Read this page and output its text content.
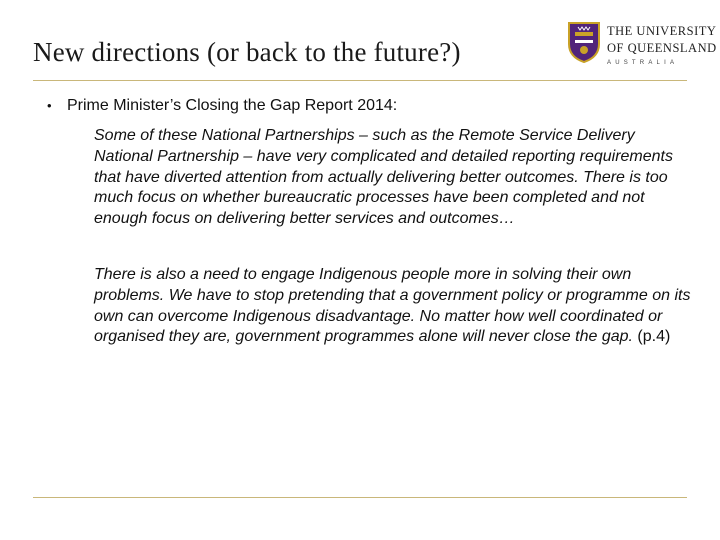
New directions (or back to the future?)
THE UNIVERSITY
OF QUEENSLAND
AUSTRALIA
• Prime Minister’s Closing the Gap Report 2014:

Some of these National Partnerships – such as the Remote Service Delivery National Partnership – have very complicated and detailed reporting requirements that have diverted attention from actually delivering better outcomes. There is too much focus on whether bureaucratic processes have been completed and not enough focus on delivering better services and outcomes…

There is also a need to engage Indigenous people more in solving their own problems. We have to stop pretending that a government policy or programme on its own can overcome Indigenous disadvantage. No matter how well coordinated or organised they are, government programmes alone will never close the gap. (p.4)
